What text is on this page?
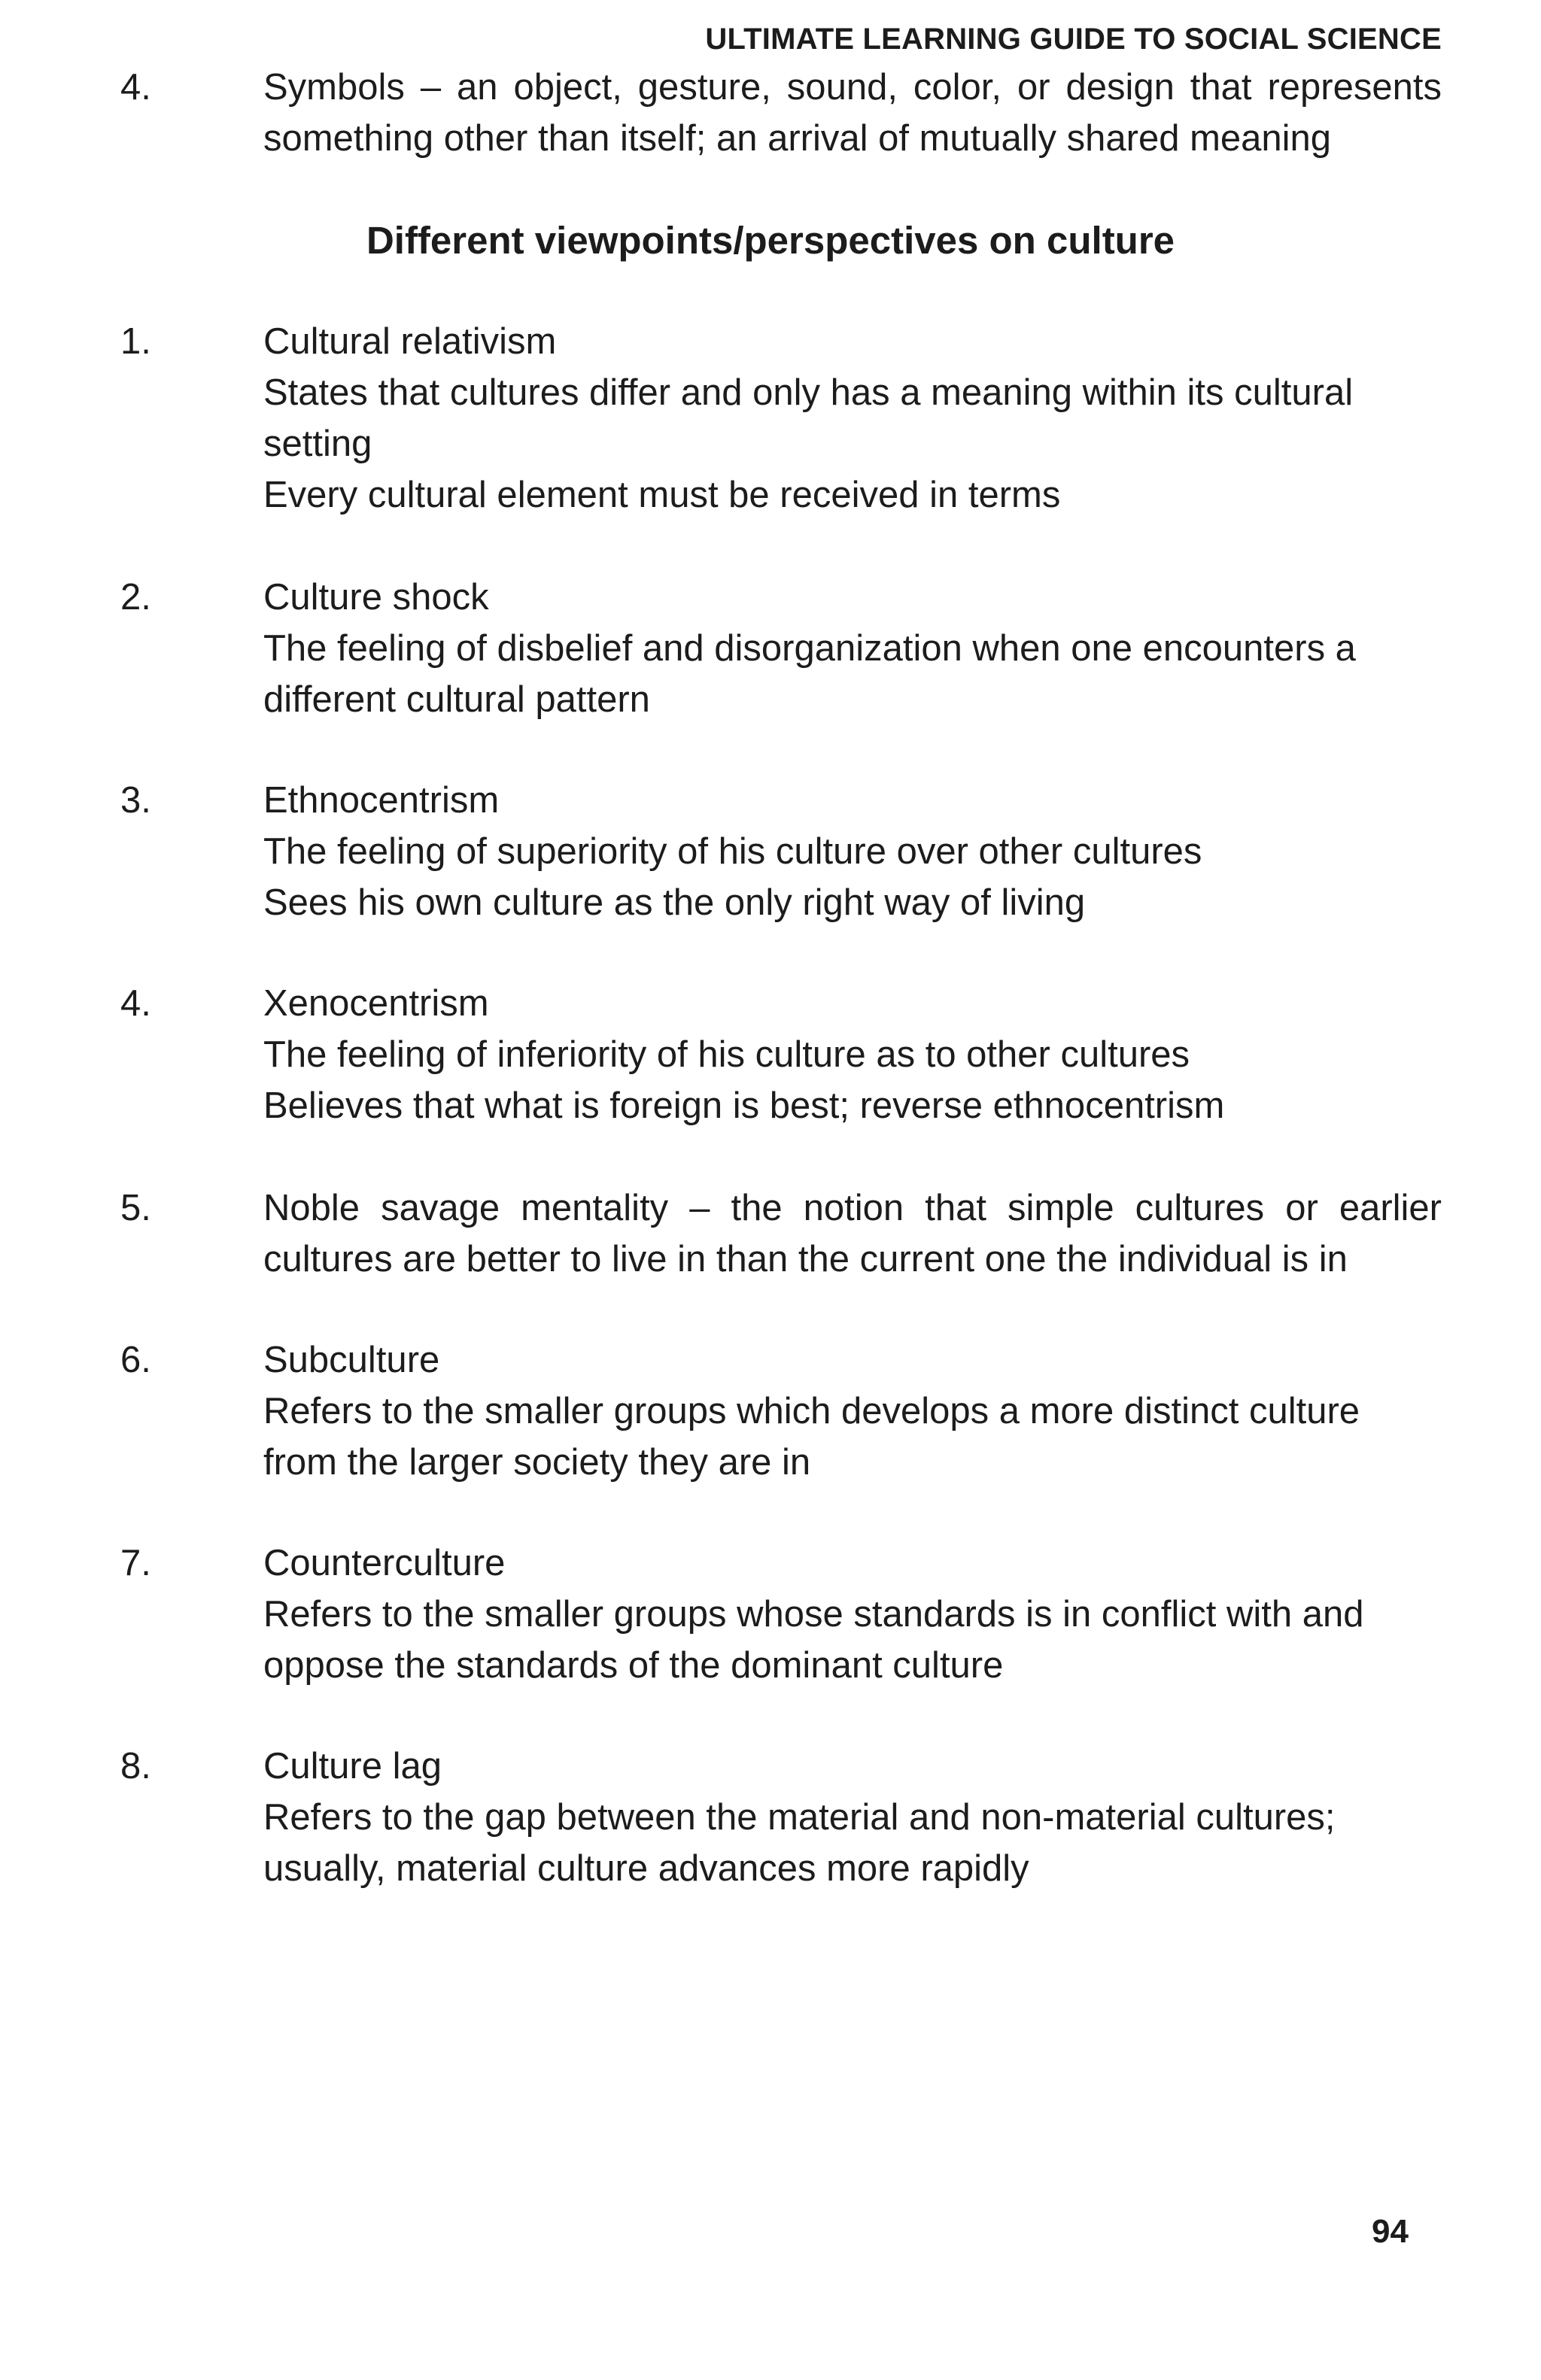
ULTIMATE LEARNING GUIDE TO SOCIAL SCIENCE
4.	Symbols – an object, gesture, sound, color, or design that represents something other than itself; an arrival of mutually shared meaning
Different viewpoints/perspectives on culture
1.	Cultural relativism
States that cultures differ and only has a meaning within its cultural setting
Every cultural element must be received in terms
2.	Culture shock
The feeling of disbelief and disorganization when one encounters a different cultural pattern
3.	Ethnocentrism
The feeling of superiority of his culture over other cultures
Sees his own culture as the only right way of living
4.	Xenocentrism
The feeling of inferiority of his culture as to other cultures
Believes that what is foreign is best; reverse ethnocentrism
5.	Noble savage mentality – the notion that simple cultures or earlier cultures are better to live in than the current one the individual is in
6.	Subculture
Refers to the smaller groups which develops a more distinct culture from the larger society they are in
7.	Counterculture
Refers to the smaller groups whose standards is in conflict with and oppose the standards of the dominant culture
8.	Culture lag
Refers to the gap between the material and non-material cultures; usually, material culture advances more rapidly
94
